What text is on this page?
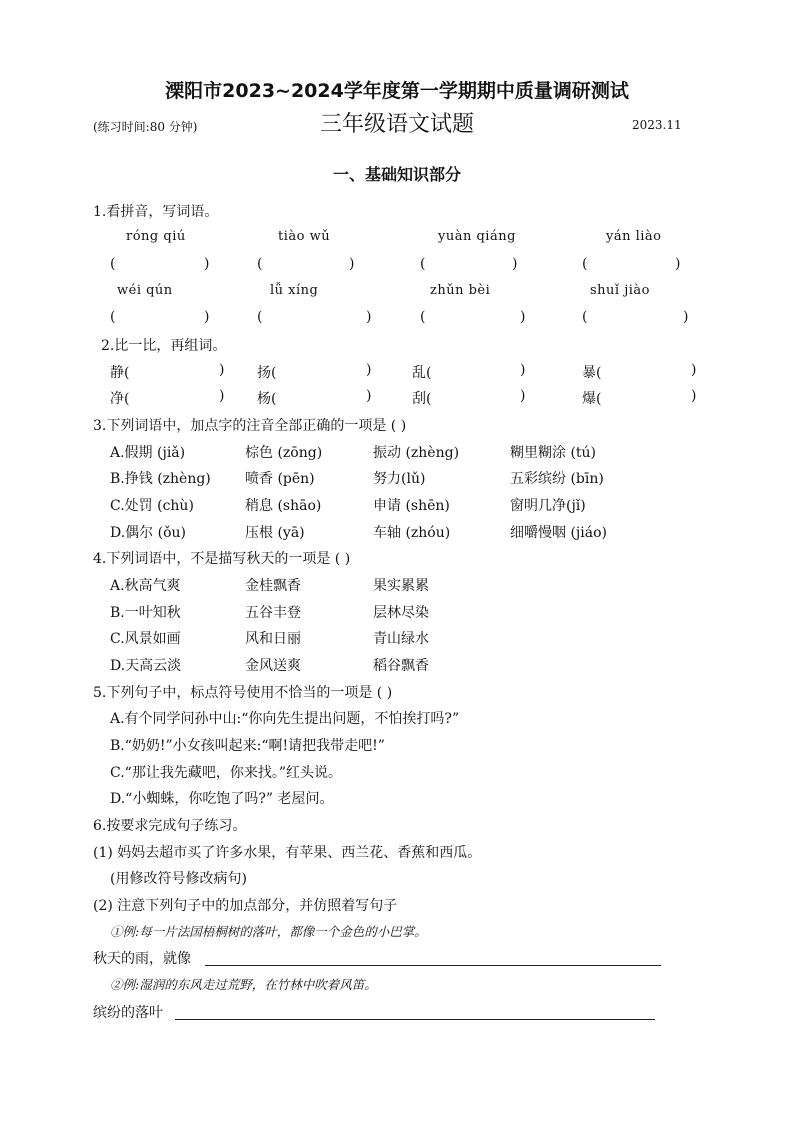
溧阳市2023~2024学年度第一学期期中质量调研测试
(练习时间:80 分钟)	三年级语文试题	2023.11
一、基础知识部分
1.看拼音，写词语。
róng qiú	tiào wǔ	yuàn qiáng	yán liào
(	)	(	)	(	)	(	)
wéi qún	lǚ xíng	zhǔn bèi	shuǐ jiào
(	)	(	)	(	)	(	)
2.比一比，再组词。
静(	) 扬(	)	乱(	)	暴(	)
净(	) 杨(	)	刮(	)	爆(	)
3.下列词语中，加点字的注音全部正确的一项是 ( )
A.假期 (jiǎ)	棕色 (zōng)	振动 (zhèng)	糊里糊涂 (tú)
B.挣钱 (zhèng) 喷香 (pēn)	努力(lǔ)	五彩缤纷 (bīn)
C.处罚 (chù)	稍息 (shāo)	申请 (shēn)	窗明几净(jǐ)
D.偶尔 (ǒu)	压根 (yā)	车轴 (zhóu)	细嚼慢咽 (jiáo)
4.下列词语中，不是描写秋天的一项是 ( )
A.秋高气爽	金桂飘香	果实累累
B.一叶知秋	五谷丰登	层林尽染
C.风景如画	风和日丽	青山绿水
D.天高云淡	金风送爽	稻谷飘香
5.下列句子中，标点符号使用不恰当的一项是 ( )
A.有个同学问孙中山:“你向先生提出问题，不怕挨打吗?”
B.“奶奶!”小女孩叫起来:“啊!请把我带走吧!”
C.“那让我先藏吧，你来找。”红头说。
D.“小蜘蛛，你吃饱了吗?” 老屋问。
6.按要求完成句子练习。
(1) 妈妈去超市买了许多水果，有苹果、西兰花、香蕉和西瓜。
(用修改符号修改病句)
(2) 注意下列句子中的加点部分，并仿照着写句子
①例:每一片法国梧桐树的落叶，都像一个金色的小巴掌。
秋天的雨，就像
②例:湿润的东风走过荒野，在竹林中吹着风笛。
缤纷的落叶
